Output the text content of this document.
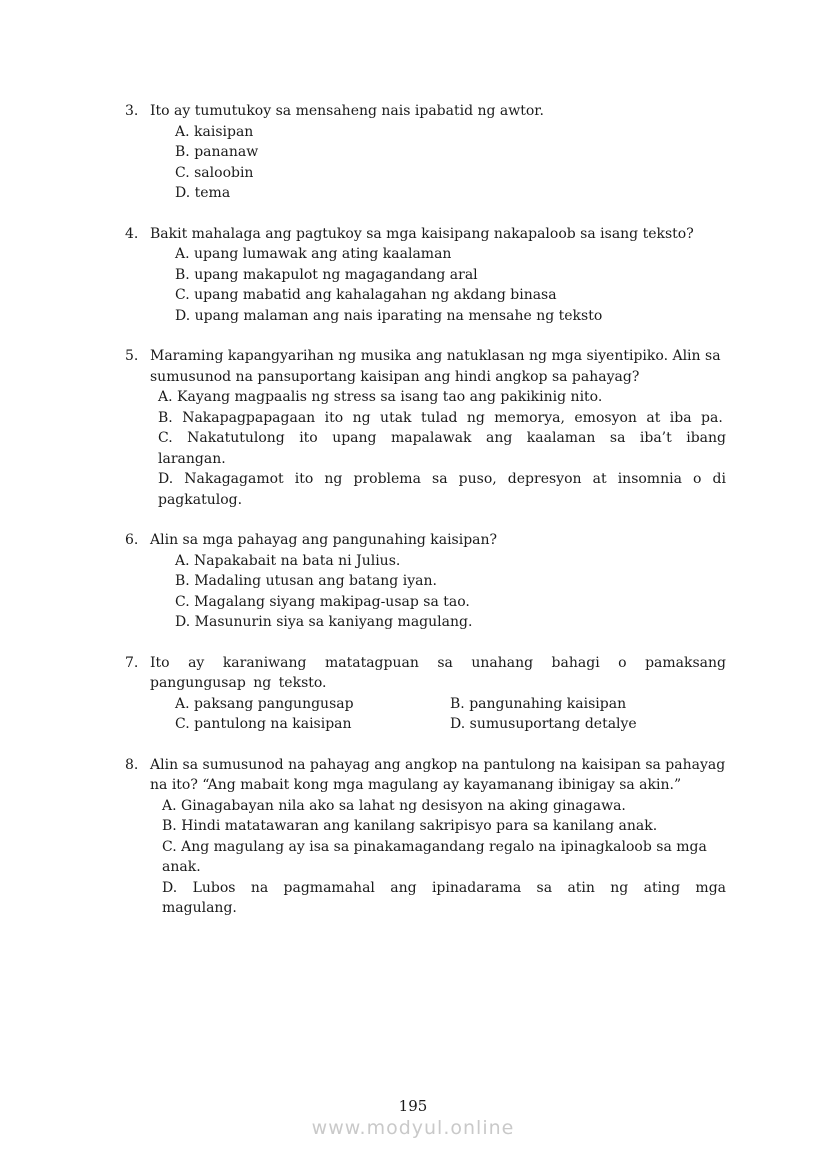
3. Ito ay tumutukoy sa mensaheng nais ipabatid ng awtor.

A. kaisipan

B. pananaw

C. saloobin

D. tema

4. Bakit mahalaga ang pagtukoy sa mga kaisipang nakapaloob sa isang teksto?

A. upang lumawak ang ating kaalaman

B. upang makapulot ng magagandang aral

C. upang mabatid ang kahalagahan ng akdang binasa

D. upang malaman ang nais iparating na mensahe ng teksto

5. Maraming kapangyarihan ng musika ang natuklasan ng mga siyentipiko. Alin sa sumusunod na pansuportang kaisipan ang hindi angkop sa pahayag?

A. Kayang magpaalis ng stress sa isang tao ang pakikinig nito.

B. Nakapagpapagaan ito ng utak tulad ng memorya, emosyon at iba pa.

C. Nakatutulong ito upang mapalawak ang kaalaman sa iba’t ibang larangan.

D. Nakagagamot ito ng problema sa puso, depresyon at insomnia o di pagkatulog.

6. Alin sa mga pahayag ang pangunahing kaisipan?

A. Napakabait na bata ni Julius.

B. Madaling utusan ang batang iyan.

C. Magalang siyang makipag-usap sa tao.

D. Masunurin siya sa kaniyang magulang.

7. Ito ay karaniwang matatagpuan sa unahang bahagi o pamaksang pangungusap ng teksto.

A. paksang pangungusap	B. pangunahing kaisipan

C. pantulong na kaisipan	D. sumusuportang detalye

8. Alin sa sumusunod na pahayag ang angkop na pantulong na kaisipan sa pahayag na ito? “Ang mabait kong mga magulang ay kayamanang ibinigay sa akin.”

A. Ginagabayan nila ako sa lahat ng desisyon na aking ginagawa.

B. Hindi matatawaran ang kanilang sakripisyo para sa kanilang anak.

C. Ang magulang ay isa sa pinakamagandang regalo na ipinagkaloob sa mga anak.

D. Lubos na pagmamahal ang ipinadarama sa atin ng ating mga magulang.

195

www.modyul.online
